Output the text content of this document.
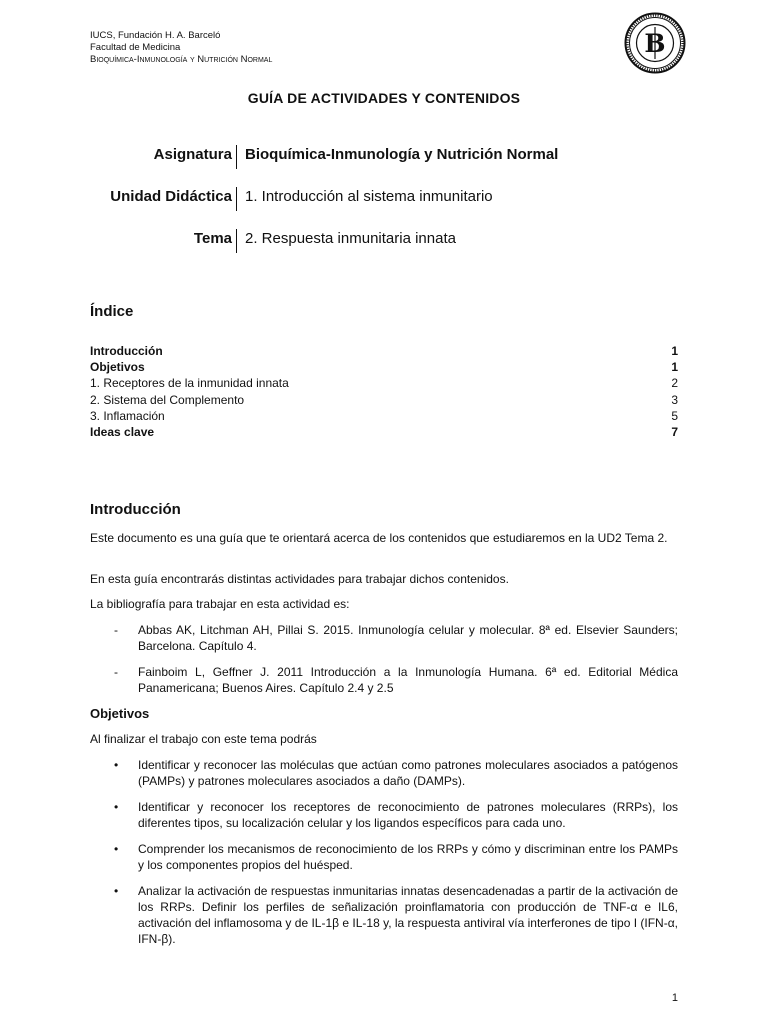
IUCS, Fundación H. A. Barceló
Facultad de Medicina
Bioquímica-Inmunología y Nutrición Normal
B
GUÍA DE ACTIVIDADES Y CONTENIDOS
Asignatura Bioquímica-Inmunología y Nutrición Normal
Unidad Didáctica 1. Introducción al sistema inmunitario
Tema 2. Respuesta inmunitaria innata
Índice
Introducción	1
Objetivos	1
1. Receptores de la inmunidad innata	2
2. Sistema del Complemento	3
3. Inflamación	5
Ideas clave	7
Introducción
Este documento es una guía que te orientará acerca de los contenidos que estudiaremos en la UD2 Tema 2.
En esta guía encontrarás distintas actividades para trabajar dichos contenidos.
La bibliografía para trabajar en esta actividad es:
- Abbas AK, Litchman AH, Pillai S. 2015. Inmunología celular y molecular. 8ª ed. Elsevier Saunders; Barcelona. Capítulo 4.
- Fainboim L, Geffner J. 2011 Introducción a la Inmunología Humana. 6ª ed. Editorial Médica Panamericana; Buenos Aires. Capítulo 2.4 y 2.5
Objetivos
Al finalizar el trabajo con este tema podrás
• Identificar y reconocer las moléculas que actúan como patrones moleculares asociados a patógenos (PAMPs) y patrones moleculares asociados a daño (DAMPs).
• Identificar y reconocer los receptores de reconocimiento de patrones moleculares (RRPs), los diferentes tipos, su localización celular y los ligandos específicos para cada uno.
• Comprender los mecanismos de reconocimiento de los RRPs y cómo y discriminan entre los PAMPs y los componentes propios del huésped.
• Analizar la activación de respuestas inmunitarias innatas desencadenadas a partir de la activación de los RRPs. Definir los perfiles de señalización proinflamatoria con producción de TNF-α e IL6, activación del inflamosoma y de IL-1β e IL-18 y, la respuesta antiviral vía interferones de tipo I (IFN-α, IFN-β).
1
